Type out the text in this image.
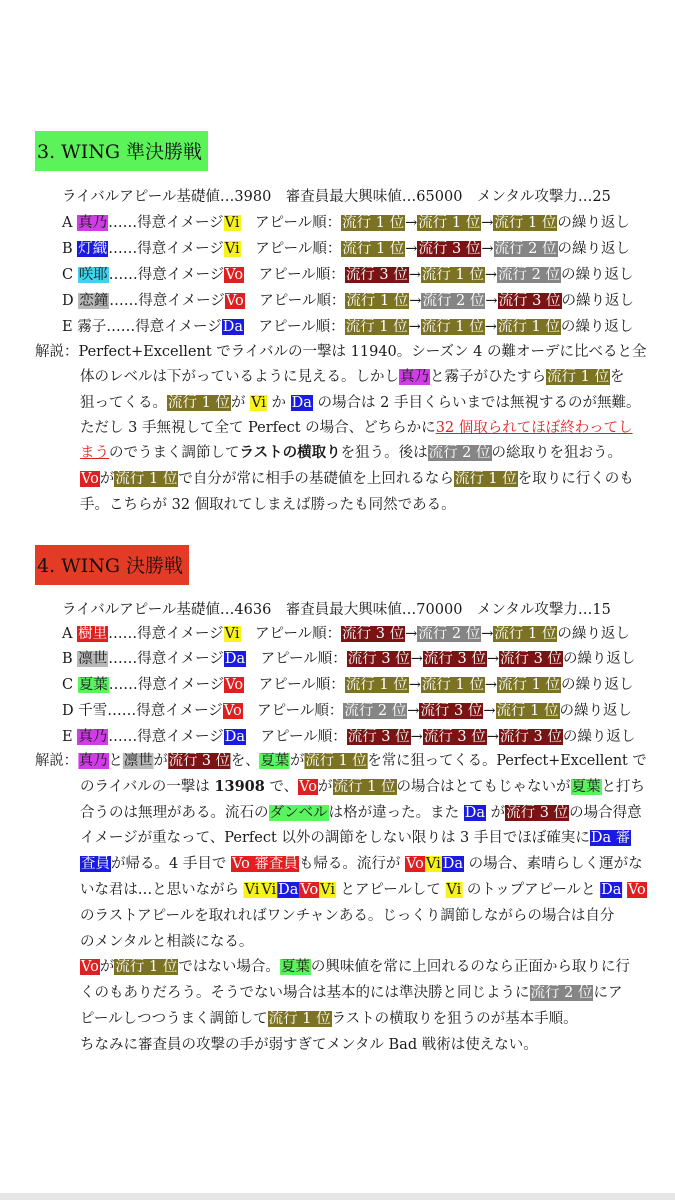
3. WING 準決勝戦
4. WING 決勝戦
ライバルアピール基礎値…3980　審査員最大興味値…65000　メンタル攻撃力…25
A 真乃……得意イメージVi　アピール順：流行 1 位→流行 1 位→流行 1 位の繰り返し
B 灯織……得意イメージVi　アピール順：流行 1 位→流行 3 位→流行 2 位の繰り返し
C 咲耶……得意イメージVo　アピール順：流行 3 位→流行 1 位→流行 2 位の繰り返し
D 恋鐘……得意イメージVo　アピール順：流行 1 位→流行 2 位→流行 3 位の繰り返し
E 霧子……得意イメージDa　アピール順：流行 1 位→流行 1 位→流行 1 位の繰り返し
解説：Perfect+Excellent でライバルの一撃は 11940。シーズン 4 の難オーデに比べると全
体のレベルは下がっているように見える。しかし真乃と霧子がひたすら流行 1 位を
狙ってくる。流行 1 位が Vi か Da の場合は 2 手目くらいまでは無視するのが無難。
ただし 3 手無視して全て Perfect の場合、どちらかに32 個取られてほぼ終わってし
まうのでうまく調節してラストの横取りを狙う。後は流行 2 位の総取りを狙おう。
Voが流行 1 位で自分が常に相手の基礎値を上回れるなら流行 1 位を取りに行くのも
手。こちらが 32 個取れてしまえば勝ったも同然である。
ライバルアピール基礎値…4636　審査員最大興味値…70000　メンタル攻撃力…15
A 樹里……得意イメージVi　アピール順：流行 3 位→流行 2 位→流行 1 位の繰り返し
B 凛世……得意イメージDa　アピール順：流行 3 位→流行 3 位→流行 3 位の繰り返し
C 夏葉……得意イメージVo　アピール順：流行 1 位→流行 1 位→流行 1 位の繰り返し
D 千雪……得意イメージVo　アピール順：流行 2 位→流行 3 位→流行 1 位の繰り返し
E 真乃……得意イメージDa　アピール順：流行 3 位→流行 3 位→流行 3 位の繰り返し
解説：真乃と凛世が流行 3 位を、夏葉が流行 1 位を常に狙ってくる。Perfect+Excellent で
のライバルの一撃は 13908 で、Voが流行 1 位の場合はとてもじゃないが夏葉と打ち
合うのは無理がある。流石のダンベルは格が違った。また Da が流行 3 位の場合得意
イメージが重なって、Perfect 以外の調節をしない限りは 3 手目でほぼ確実にDa 審
査員が帰る。4 手目で Vo 審査員も帰る。流行が Vo Vi Da の場合、素晴らしく運がな
いな君は…と思いながら Vi Vi Da Vo Vi とアピールして Vi のトップアピールと Da Vo
のラストアピールを取れればワンチャンある。じっくり調節しながらの場合は自分
のメンタルと相談になる。
Voが流行 1 位ではない場合。夏葉の興味値を常に上回れるのなら正面から取りに行
くのもありだろう。そうでない場合は基本的には準決勝と同じように流行 2 位にア
ピールしつつうまく調節して流行 1 位ラストの横取りを狙うのが基本手順。
ちなみに審査員の攻撃の手が弱すぎてメンタル Bad 戦術は使えない。
